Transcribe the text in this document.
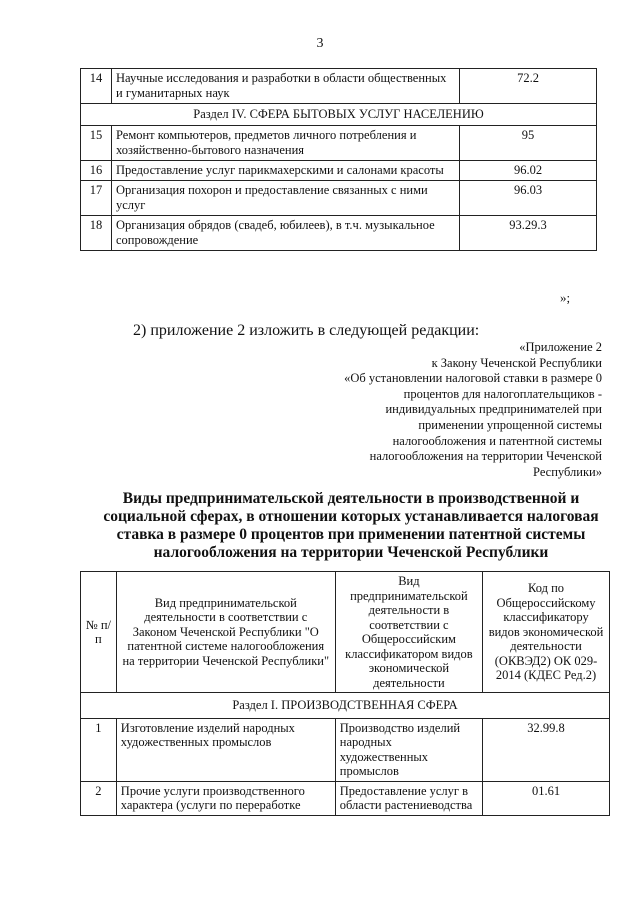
3
14	Научные исследования и разработки в области общественных и гуманитарных наук	72.2
Раздел IV. СФЕРА БЫТОВЫХ УСЛУГ НАСЕЛЕНИЮ		
15	Ремонт компьютеров, предметов личного потребления и хозяйственно-бытового назначения	95
16	Предоставление услуг парикмахерскими и салонами красоты	96.02
17	Организация похорон и предоставление связанных с ними услуг	96.03
18	Организация обрядов (свадеб, юбилеев), в т.ч. музыкальное сопровождение	93.29.3
»;
2) приложение 2 изложить в следующей редакции:
«Приложение 2
к Закону Чеченской Республики
«Об установлении налоговой ставки в размере 0
процентов для налогоплательщиков -
индивидуальных предпринимателей при
применении упрощенной системы
налогообложения и патентной системы
налогообложения на территории Чеченской
Республики»
Виды предпринимательской деятельности в производственной и социальной сферах, в отношении которых устанавливается налоговая ставка в размере 0 процентов при применении патентной системы налогообложения на территории Чеченской Республики
№ п/п	Вид предпринимательской деятельности в соответствии с Законом Чеченской Республики "О патентной системе налогообложения на территории Чеченской Республики"	Вид предпринимательской деятельности в соответствии с Общероссийским классификатором видов экономической деятельности	Код по Общероссийскому классификатору видов экономической деятельности (ОКВЭД2) ОК 029-2014 (КДЕС Ред.2)
Раздел I. ПРОИЗВОДСТВЕННАЯ СФЕРА			
1	Изготовление изделий народных художественных промыслов	Производство изделий народных художественных промыслов	32.99.8
2	Прочие услуги производственного характера (услуги по переработке	Предоставление услуг в области растениеводства	01.61
